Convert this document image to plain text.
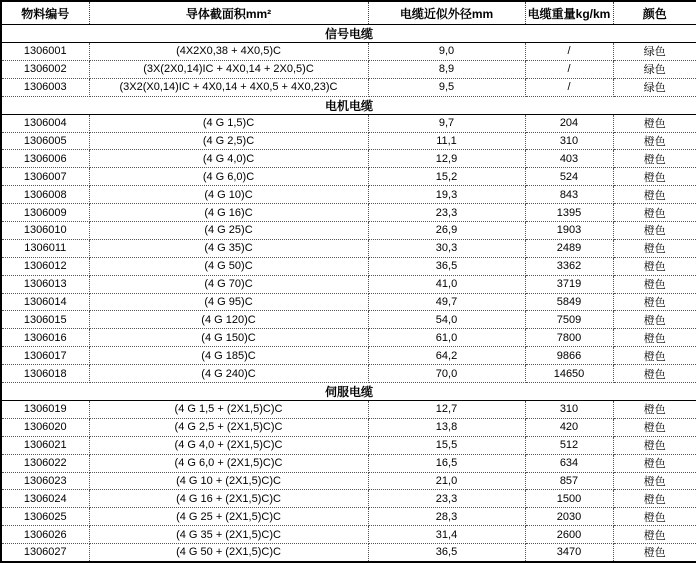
物料编号	导体截面积mm²	电缆近似外径mm	电缆重量kg/km	颜色
信号电缆				
1306001	(4X2X0,38 + 4X0,5)C	9,0	/	绿色
1306002	(3X(2X0,14)IC + 4X0,14 + 2X0,5)C	8,9	/	绿色
1306003	(3X2(X0,14)IC + 4X0,14 + 4X0,5 + 4X0,23)C	9,5	/	绿色
电机电缆				
1306004	(4 G 1,5)C	9,7	204	橙色
1306005	(4 G 2,5)C	11,1	310	橙色
1306006	(4 G 4,0)C	12,9	403	橙色
1306007	(4 G 6,0)C	15,2	524	橙色
1306008	(4 G 10)C	19,3	843	橙色
1306009	(4 G 16)C	23,3	1395	橙色
1306010	(4 G 25)C	26,9	1903	橙色
1306011	(4 G 35)C	30,3	2489	橙色
1306012	(4 G 50)C	36,5	3362	橙色
1306013	(4 G 70)C	41,0	3719	橙色
1306014	(4 G 95)C	49,7	5849	橙色
1306015	(4 G 120)C	54,0	7509	橙色
1306016	(4 G 150)C	61,0	7800	橙色
1306017	(4 G 185)C	64,2	9866	橙色
1306018	(4 G 240)C	70,0	14650	橙色
伺服电缆				
1306019	(4 G 1,5 + (2X1,5)C)C	12,7	310	橙色
1306020	(4 G 2,5 + (2X1,5)C)C	13,8	420	橙色
1306021	(4 G 4,0 + (2X1,5)C)C	15,5	512	橙色
1306022	(4 G 6,0 + (2X1,5)C)C	16,5	634	橙色
1306023	(4 G 10 + (2X1,5)C)C	21,0	857	橙色
1306024	(4 G 16 + (2X1,5)C)C	23,3	1500	橙色
1306025	(4 G 25 + (2X1,5)C)C	28,3	2030	橙色
1306026	(4 G 35 + (2X1,5)C)C	31,4	2600	橙色
1306027	(4 G 50 + (2X1,5)C)C	36,5	3470	橙色
